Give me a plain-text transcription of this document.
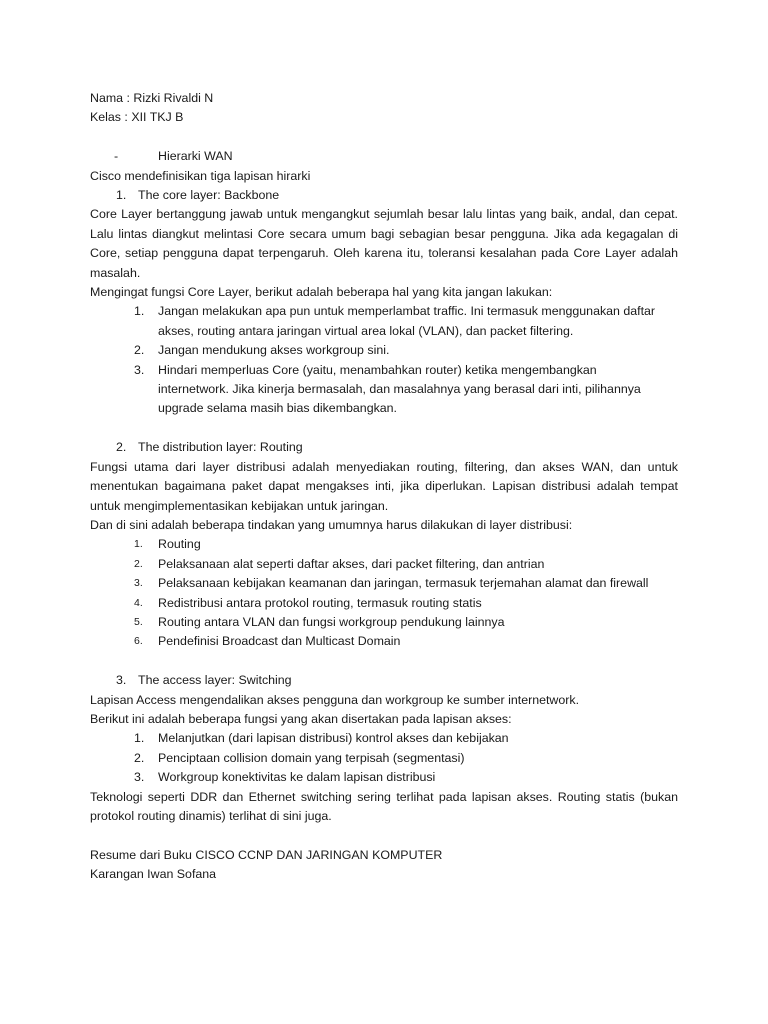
Nama : Rizki Rivaldi N
Kelas : XII TKJ B
-	Hierarki WAN
Cisco mendefinisikan tiga lapisan hirarki
1. The core layer: Backbone
Core Layer bertanggung jawab untuk mengangkut sejumlah besar lalu lintas yang baik, andal, dan cepat.
Lalu lintas diangkut melintasi Core secara umum bagi sebagian besar pengguna. Jika ada kegagalan di
Core, setiap pengguna dapat terpengaruh. Oleh karena itu, toleransi kesalahan pada Core Layer adalah
masalah.
Mengingat fungsi Core Layer, berikut adalah beberapa hal yang kita jangan lakukan:
1.	Jangan melakukan apa pun untuk memperlambat traffic. Ini termasuk menggunakan daftar
akses, routing antara jaringan virtual area lokal (VLAN), dan packet filtering.
2.	Jangan mendukung akses workgroup sini.
3.	Hindari memperluas Core (yaitu, menambahkan router) ketika mengembangkan
internetwork. Jika kinerja bermasalah, dan masalahnya yang berasal dari inti, pilihannya
upgrade selama masih bias dikembangkan.
2. The distribution layer: Routing
Fungsi utama dari layer distribusi adalah menyediakan routing, filtering, dan akses WAN, dan untuk
menentukan bagaimana paket dapat mengakses inti, jika diperlukan. Lapisan distribusi adalah tempat
untuk mengimplementasikan kebijakan untuk jaringan.
Dan di sini adalah beberapa tindakan yang umumnya harus dilakukan di layer distribusi:
1.	Routing
2.	Pelaksanaan alat seperti daftar akses, dari packet filtering, dan antrian
3.	Pelaksanaan kebijakan keamanan dan jaringan, termasuk terjemahan alamat dan firewall
4.	Redistribusi antara protokol routing, termasuk routing statis
5.	Routing antara VLAN dan fungsi workgroup pendukung lainnya
6.	Pendefinisi Broadcast dan Multicast Domain
3. The access layer: Switching
Lapisan Access mengendalikan akses pengguna dan workgroup ke sumber internetwork.
Berikut ini adalah beberapa fungsi yang akan disertakan pada lapisan akses:
1.	Melanjutkan (dari lapisan distribusi) kontrol akses dan kebijakan
2.	Penciptaan collision domain yang terpisah (segmentasi)
3.	Workgroup konektivitas ke dalam lapisan distribusi
Teknologi seperti DDR dan Ethernet switching sering terlihat pada lapisan akses. Routing statis (bukan
protokol routing dinamis) terlihat di sini juga.
Resume dari Buku CISCO CCNP DAN JARINGAN KOMPUTER
Karangan Iwan Sofana
